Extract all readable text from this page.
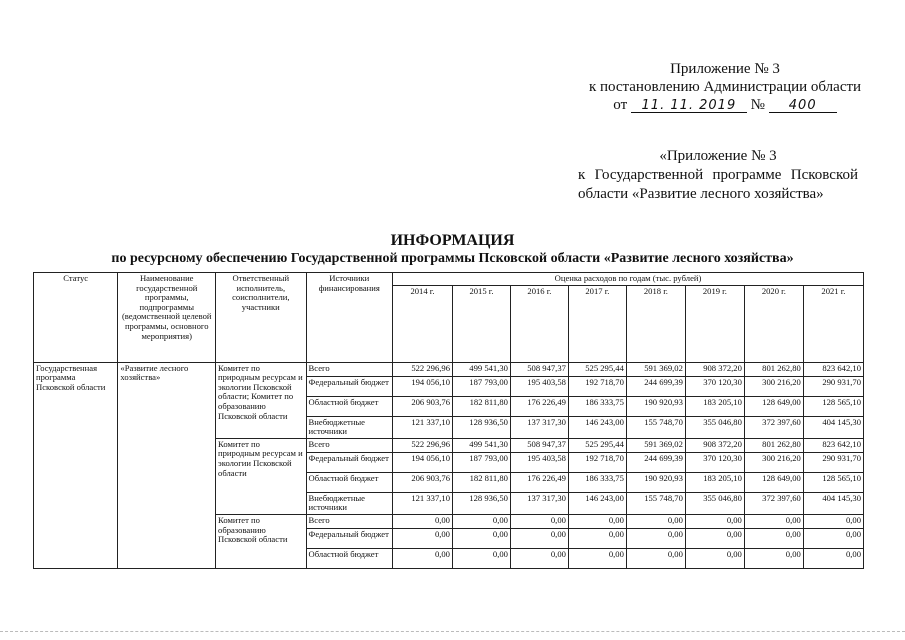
Приложение № 3
к постановлению Администрации области
от 11. 11. 2019 № 400
«Приложение № 3
к Государственной программе Псковской
области «Развитие лесного хозяйства»
ИНФОРМАЦИЯ
по ресурсному обеспечению Государственной программы Псковской области «Развитие лесного хозяйства»
Статус	Наименование государственной программы, подпрограммы (ведомственной целевой программы, основного мероприятия)	Ответственный исполнитель, соисполнители, участники	Источники финансирования	Оценка расходов по годам (тыс. рублей)							
				2014 г.	2015 г.	2016 г.	2017 г.	2018 г.	2019 г.	2020 г.	2021 г.
Государственная программа Псковской области	«Развитие лесного хозяйства»	Комитет по природным ресурсам и экологии Псковской области; Комитет по образованию Псковской области	Всего	522 296,96	499 541,30	508 947,37	525 295,44	591 369,02	908 372,20	801 262,80	823 642,10
			Федеральный бюджет	194 056,10	187 793,00	195 403,58	192 718,70	244 699,39	370 120,30	300 216,20	290 931,70
			Областной бюджет	206 903,76	182 811,80	176 226,49	186 333,75	190 920,93	183 205,10	128 649,00	128 565,10
			Внебюджетные источники	121 337,10	128 936,50	137 317,30	146 243,00	155 748,70	355 046,80	372 397,60	404 145,30
		Комитет по природным ресурсам и экологии Псковской области	Всего	522 296,96	499 541,30	508 947,37	525 295,44	591 369,02	908 372,20	801 262,80	823 642,10
			Федеральный бюджет	194 056,10	187 793,00	195 403,58	192 718,70	244 699,39	370 120,30	300 216,20	290 931,70
			Областной бюджет	206 903,76	182 811,80	176 226,49	186 333,75	190 920,93	183 205,10	128 649,00	128 565,10
			Внебюджетные источники	121 337,10	128 936,50	137 317,30	146 243,00	155 748,70	355 046,80	372 397,60	404 145,30
		Комитет по образованию Псковской области	Всего	0,00	0,00	0,00	0,00	0,00	0,00	0,00	0,00
			Федеральный бюджет	0,00	0,00	0,00	0,00	0,00	0,00	0,00	0,00
			Областной бюджет	0,00	0,00	0,00	0,00	0,00	0,00	0,00	0,00
